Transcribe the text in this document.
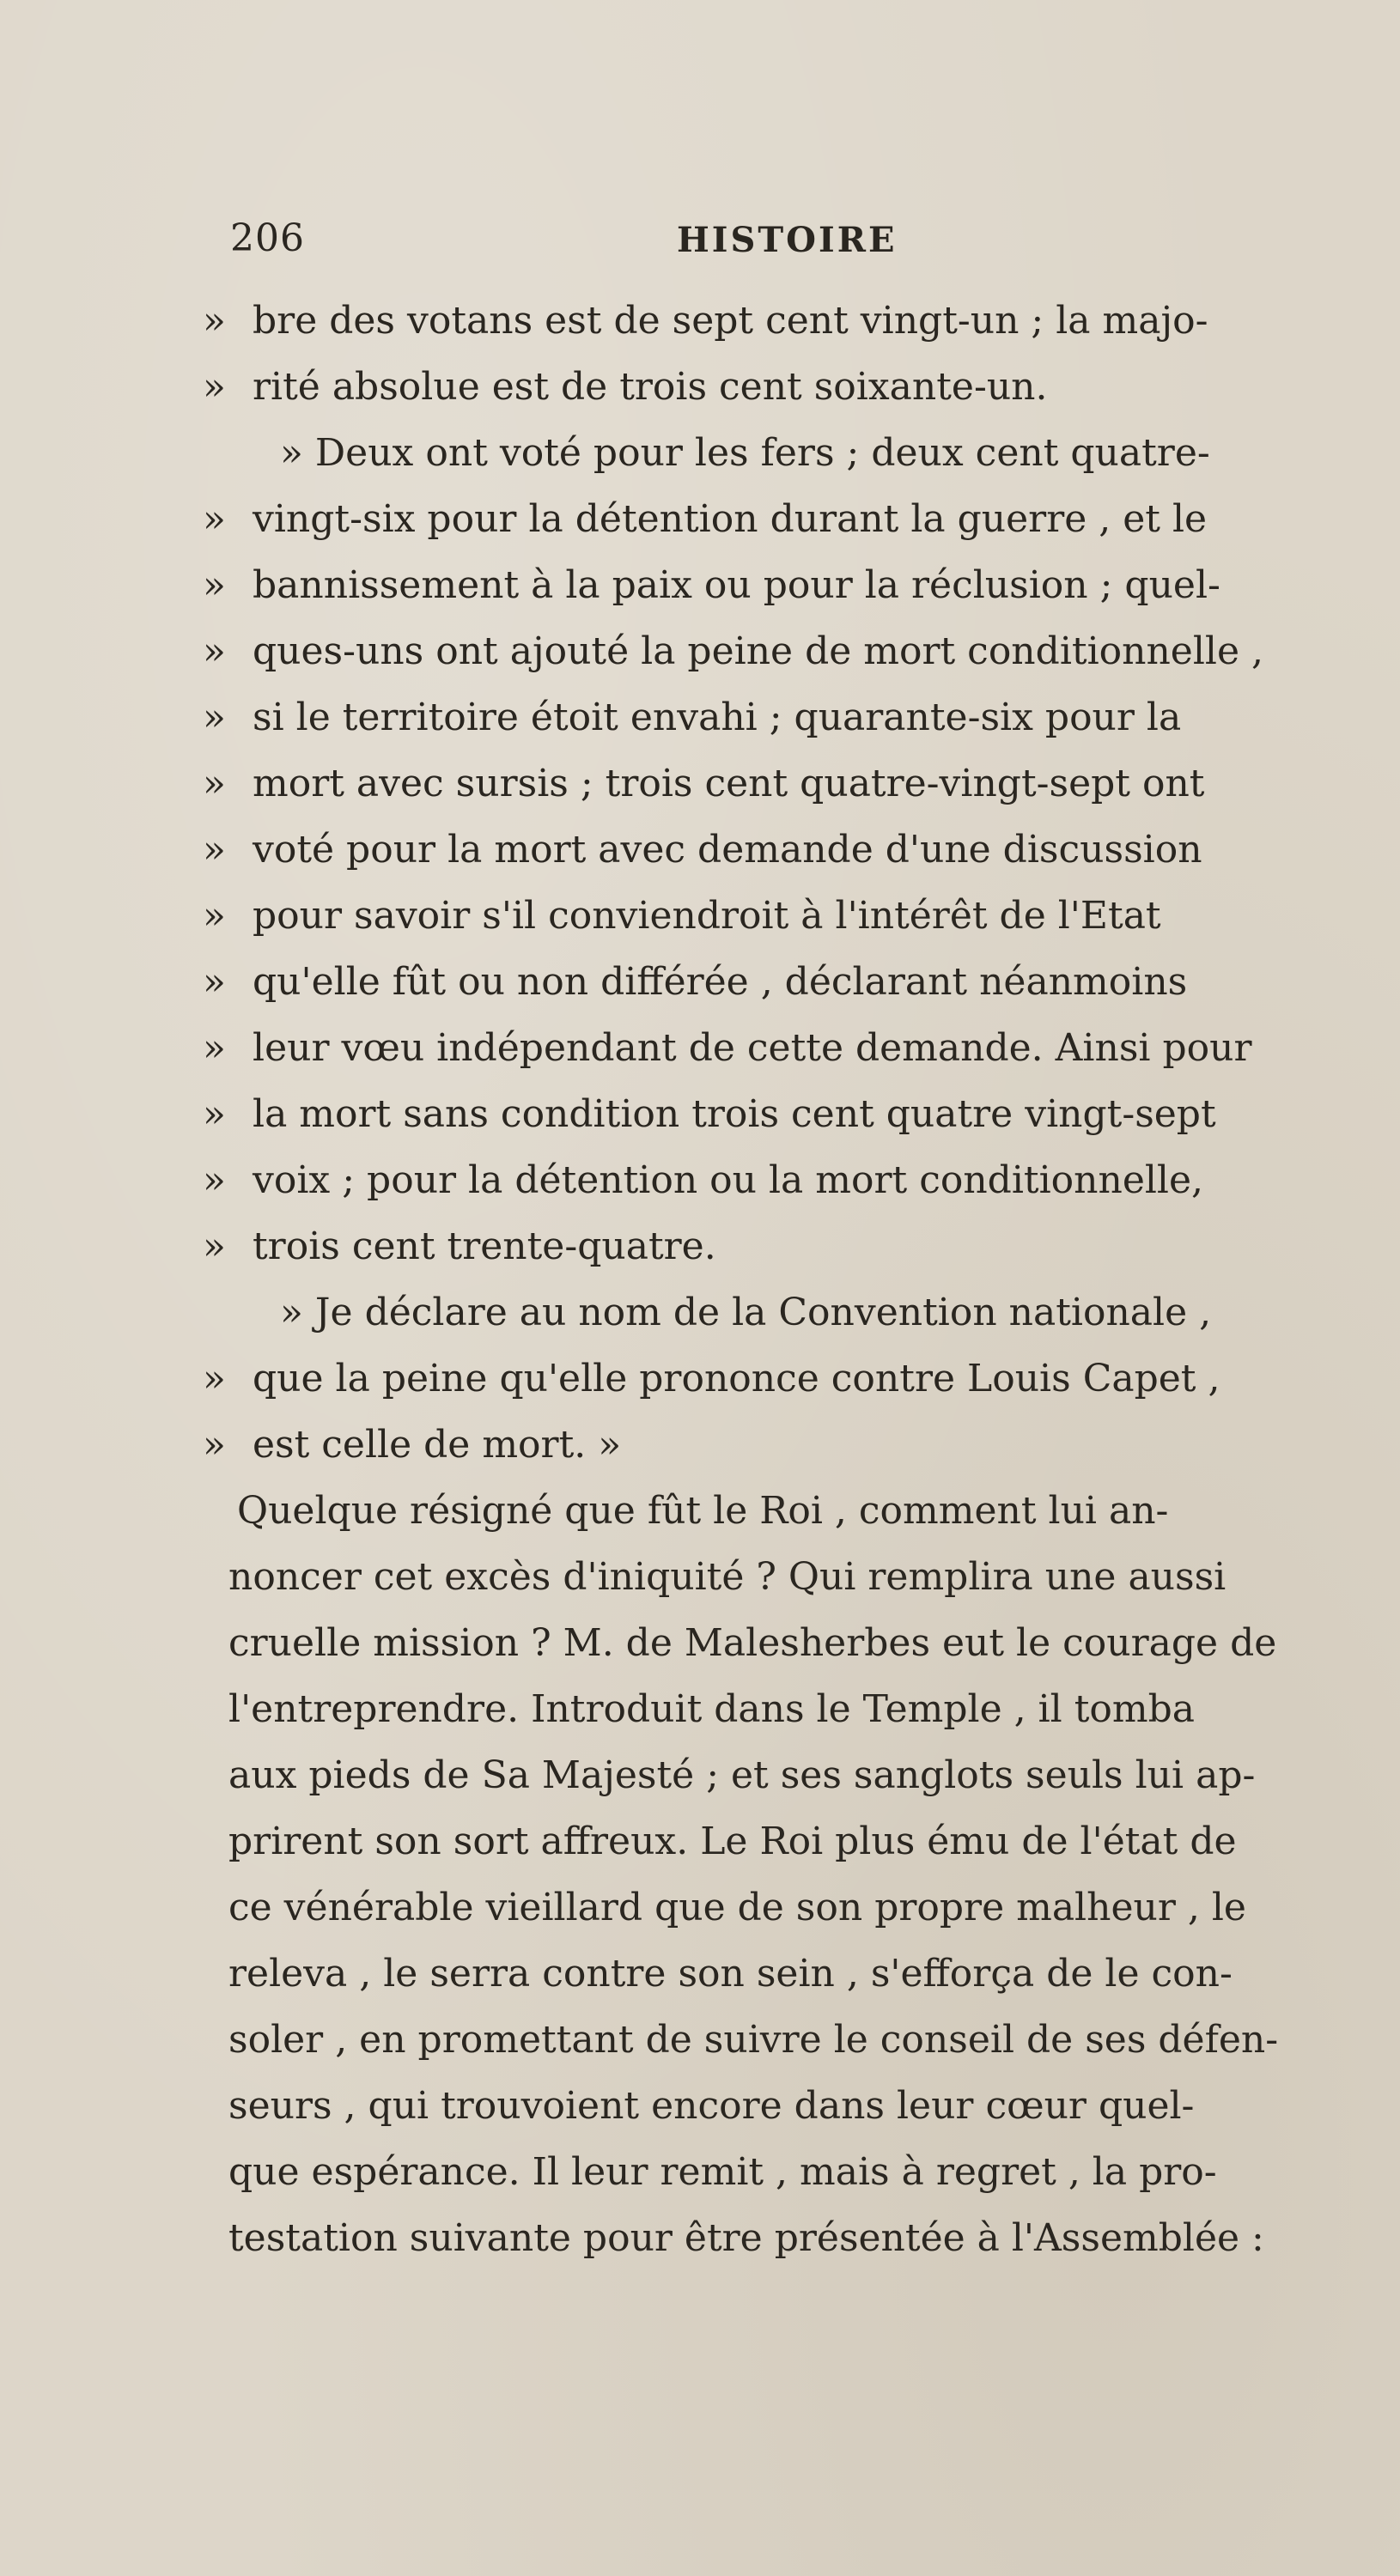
206	HISTOIRE
» bre des votans est de sept cent vingt-un ; la majo-
» rité absolue est de trois cent soixante-un.
» Deux ont voté pour les fers ; deux cent quatre-
» vingt-six pour la détention durant la guerre , et le
» bannissement à la paix ou pour la réclusion ; quel-
» ques-uns ont ajouté la peine de mort conditionnelle ,
» si le territoire étoit envahi ; quarante-six pour la
» mort avec sursis ; trois cent quatre-vingt-sept ont
» voté pour la mort avec demande d'une discussion
» pour savoir s'il conviendroit à l'intérêt de l'Etat
» qu'elle fût ou non différée , déclarant néanmoins
» leur vœu indépendant de cette demande. Ainsi pour
» la mort sans condition trois cent quatre vingt-sept
» voix ; pour la détention ou la mort conditionnelle,
» trois cent trente-quatre.
» Je déclare au nom de la Convention nationale ,
» que la peine qu'elle prononce contre Louis Capet ,
» est celle de mort. »
Quelque résigné que fût le Roi , comment lui an-
noncer cet excès d'iniquité ? Qui remplira une aussi
cruelle mission ? M. de Malesherbes eut le courage de
l'entreprendre. Introduit dans le Temple , il tomba
aux pieds de Sa Majesté ; et ses sanglots seuls lui ap-
prirent son sort affreux. Le Roi plus ému de l'état de
ce vénérable vieillard que de son propre malheur , le
releva , le serra contre son sein , s'efforça de le con-
soler , en promettant de suivre le conseil de ses défen-
seurs , qui trouvoient encore dans leur cœur quel-
que espérance. Il leur remit , mais à regret , la pro-
testation suivante pour être présentée à l'Assemblée :
